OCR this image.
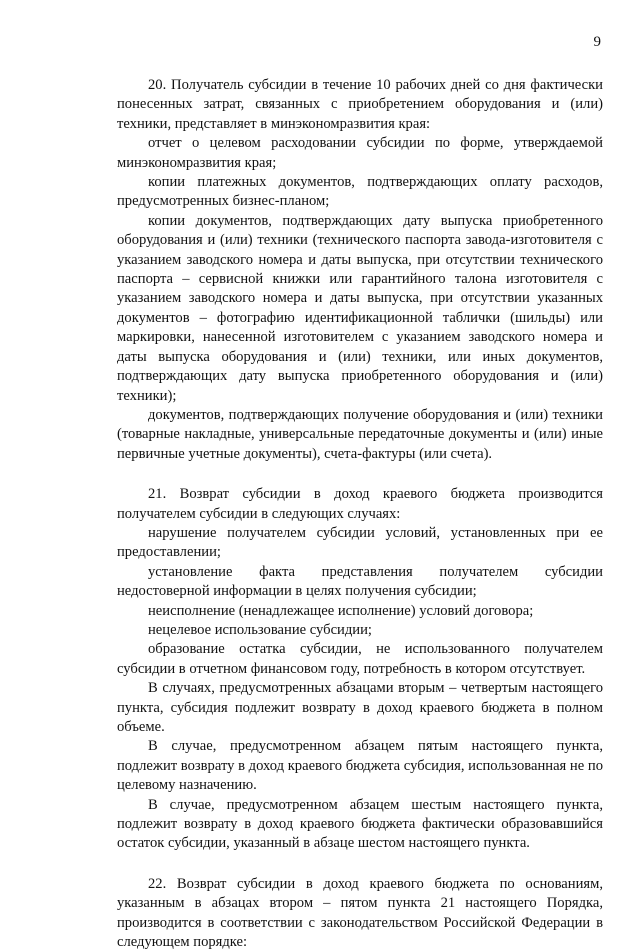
9

20. Получатель субсидии в течение 10 рабочих дней со дня фактически понесенных затрат, связанных с приобретением оборудования и (или) техники, представляет в минэкономразвития края:

отчет о целевом расходовании субсидии по форме, утверждаемой минэкономразвития края;

копии платежных документов, подтверждающих оплату расходов, предусмотренных бизнес-планом;

копии документов, подтверждающих дату выпуска приобретенного оборудования и (или) техники (технического паспорта завода-изготовителя с указанием заводского номера и даты выпуска, при отсутствии технического паспорта – сервисной книжки или гарантийного талона изготовителя с указанием заводского номера и даты выпуска, при отсутствии указанных документов – фотографию идентификационной таблички (шильды) или маркировки, нанесенной изготовителем с указанием заводского номера и даты выпуска оборудования и (или) техники, или иных документов, подтверждающих дату выпуска приобретенного оборудования и (или) техники);

документов, подтверждающих получение оборудования и (или) техники (товарные накладные, универсальные передаточные документы и (или) иные первичные учетные документы), счета-фактуры (или счета).

21. Возврат субсидии в доход краевого бюджета производится получателем субсидии в следующих случаях:

нарушение получателем субсидии условий, установленных при ее предоставлении;

установление факта представления получателем субсидии недостоверной информации в целях получения субсидии;

неисполнение (ненадлежащее исполнение) условий договора;

нецелевое использование субсидии;

образование остатка субсидии, не использованного получателем субсидии в отчетном финансовом году, потребность в котором отсутствует.

В случаях, предусмотренных абзацами вторым – четвертым настоящего пункта, субсидия подлежит возврату в доход краевого бюджета в полном объеме.

В случае, предусмотренном абзацем пятым настоящего пункта, подлежит возврату в доход краевого бюджета субсидия, использованная не по целевому назначению.

В случае, предусмотренном абзацем шестым настоящего пункта, подлежит возврату в доход краевого бюджета фактически образовавшийся остаток субсидии, указанный в абзаце шестом настоящего пункта.

22. Возврат субсидии в доход краевого бюджета по основаниям, указанным в абзацах втором – пятом пункта 21 настоящего Порядка, производится в соответствии с законодательством Российской Федерации в следующем порядке:
